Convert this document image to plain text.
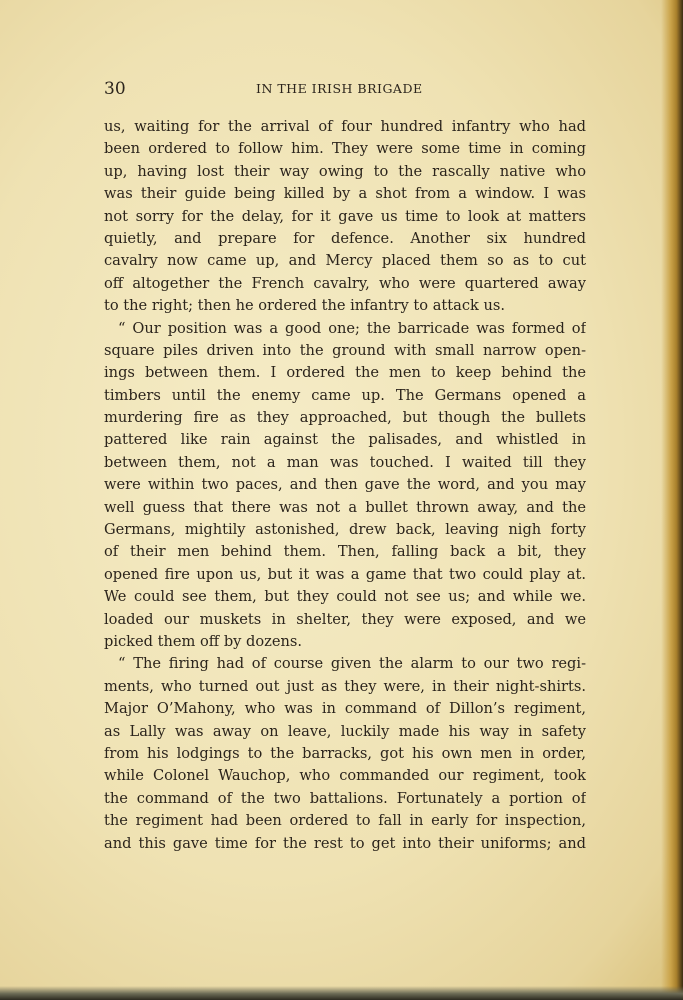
30	IN THE IRISH BRIGADE
us, waiting for the arrival of four hundred infantry who had
been ordered to follow him. They were some time in coming
up, having lost their way owing to the rascally native who
was their guide being killed by a shot from a window. I was
not sorry for the delay, for it gave us time to look at matters
quietly, and prepare for defence. Another six hundred
cavalry now came up, and Mercy placed them so as to cut
off altogether the French cavalry, who were quartered away
to the right; then he ordered the infantry to attack us.
“ Our position was a good one; the barricade was formed of
square piles driven into the ground with small narrow open-
ings between them. I ordered the men to keep behind the
timbers until the enemy came up. The Germans opened a
murdering fire as they approached, but though the bullets
pattered like rain against the palisades, and whistled in
between them, not a man was touched. I waited till they
were within two paces, and then gave the word, and you may
well guess that there was not a bullet thrown away, and the
Germans, mightily astonished, drew back, leaving nigh forty
of their men behind them. Then, falling back a bit, they
opened fire upon us, but it was a game that two could play at.
We could see them, but they could not see us; and while we.
loaded our muskets in shelter, they were exposed, and we
picked them off by dozens.
“ The firing had of course given the alarm to our two regi-
ments, who turned out just as they were, in their night-shirts.
Major O’Mahony, who was in command of Dillon’s regiment,
as Lally was away on leave, luckily made his way in safety
from his lodgings to the barracks, got his own men in order,
while Colonel Wauchop, who commanded our regiment, took
the command of the two battalions. Fortunately a portion of
the regiment had been ordered to fall in early for inspection,
and this gave time for the rest to get into their uniforms; and
